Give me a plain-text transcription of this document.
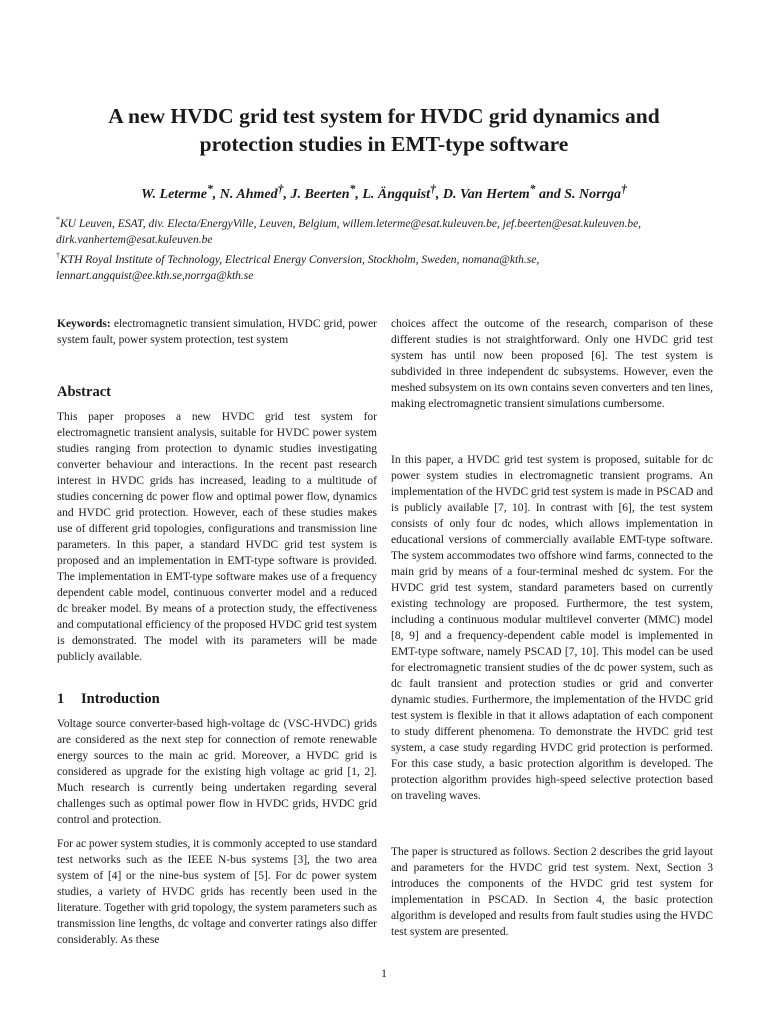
A new HVDC grid test system for HVDC grid dynamics and
protection studies in EMT-type software
W. Leterme*, N. Ahmed†, J. Beerten*, L. Ängquist†, D. Van Hertem* and S. Norrga†

*KU Leuven, ESAT, div. Electa/EnergyVille, Leuven, Belgium, willem.leterme@esat.kuleuven.be, jef.beerten@esat.kuleuven.be, dirk.vanhertem@esat.kuleuven.be

†KTH Royal Institute of Technology, Electrical Energy Conversion, Stockholm, Sweden, nomana@kth.se, lennart.angquist@ee.kth.se,norrga@kth.se

Keywords: electromagnetic transient simulation, HVDC grid, power system fault, power system protection, test system

Abstract

This paper proposes a new HVDC grid test system for electromagnetic transient analysis, suitable for HVDC power system studies ranging from protection to dynamic studies investigating converter behaviour and interactions. In the recent past research interest in HVDC grids has increased, leading to a multitude of studies concerning dc power flow and optimal power flow, dynamics and HVDC grid protection. However, each of these studies makes use of different grid topologies, configurations and transmission line parameters. In this paper, a standard HVDC grid test system is proposed and an implementation in EMT-type software is provided. The implementation in EMT-type software makes use of a frequency dependent cable model, continuous converter model and a reduced dc breaker model. By means of a protection study, the effectiveness and computational efficiency of the proposed HVDC grid test system is demonstrated. The model with its parameters will be made publicly available.

1 Introduction

Voltage source converter-based high-voltage dc (VSC-HVDC) grids are considered as the next step for connection of remote renewable energy sources to the main ac grid. Moreover, a HVDC grid is considered as upgrade for the existing high voltage ac grid [1, 2]. Much research is currently being undertaken regarding several challenges such as optimal power flow in HVDC grids, HVDC grid control and protection.

For ac power system studies, it is commonly accepted to use standard test networks such as the IEEE N-bus systems [3], the two area system of [4] or the nine-bus system of [5]. For dc power system studies, a variety of HVDC grids has recently been used in the literature. Together with grid topology, the system parameters such as transmission line lengths, dc voltage and converter ratings also differ considerably. As these

choices affect the outcome of the research, comparison of these different studies is not straightforward. Only one HVDC grid test system has until now been proposed [6]. The test system is subdivided in three independent dc subsystems. However, even the meshed subsystem on its own contains seven converters and ten lines, making electromagnetic transient simulations cumbersome.

In this paper, a HVDC grid test system is proposed, suitable for dc power system studies in electromagnetic transient programs. An implementation of the HVDC grid test system is made in PSCAD and is publicly available [7, 10]. In contrast with [6], the test system consists of only four dc nodes, which allows implementation in educational versions of commercially available EMT-type software. The system accommodates two offshore wind farms, connected to the main grid by means of a four-terminal meshed dc system. For the HVDC grid test system, standard parameters based on currently existing technology are proposed. Furthermore, the test system, including a continuous modular multilevel converter (MMC) model [8, 9] and a frequency-dependent cable model is implemented in EMT-type software, namely PSCAD [7, 10]. This model can be used for electromagnetic transient studies of the dc power system, such as dc fault transient and protection studies or grid and converter dynamic studies. Furthermore, the implementation of the HVDC grid test system is flexible in that it allows adaptation of each component to study different phenomena. To demonstrate the HVDC grid test system, a case study regarding HVDC grid protection is performed. For this case study, a basic protection algorithm is developed. The protection algorithm provides high-speed selective protection based on traveling waves.

The paper is structured as follows. Section 2 describes the grid layout and parameters for the HVDC grid test system. Next, Section 3 introduces the components of the HVDC grid test system for implementation in PSCAD. In Section 4, the basic protection algorithm is developed and results from fault studies using the HVDC test system are presented.

1
